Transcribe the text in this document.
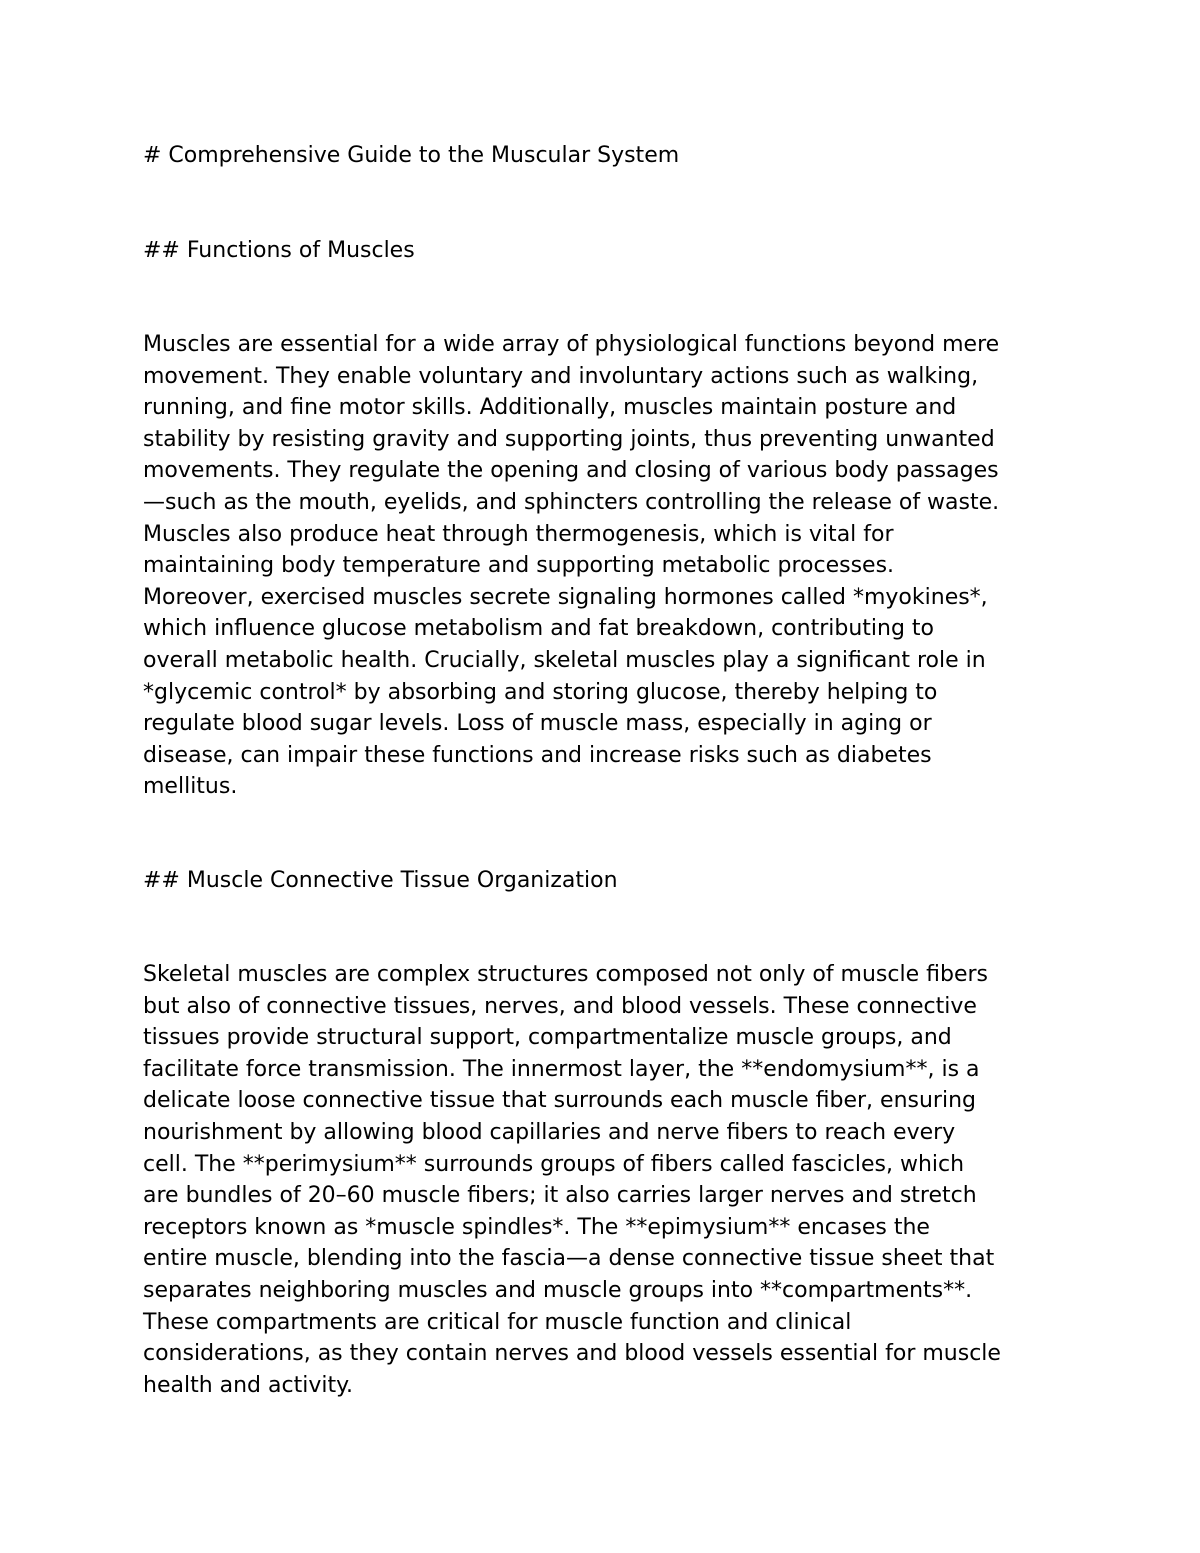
# Comprehensive Guide to the Muscular System
## Functions of Muscles

Muscles are essential for a wide array of physiological functions beyond mere

movement. They enable voluntary and involuntary actions such as walking,

running, and fine motor skills. Additionally, muscles maintain posture and

stability by resisting gravity and supporting joints, thus preventing unwanted

movements. They regulate the opening and closing of various body passages

—such as the mouth, eyelids, and sphincters controlling the release of waste.

Muscles also produce heat through thermogenesis, which is vital for

maintaining body temperature and supporting metabolic processes.

Moreover, exercised muscles secrete signaling hormones called *myokines*,

which influence glucose metabolism and fat breakdown, contributing to

overall metabolic health. Crucially, skeletal muscles play a significant role in

*glycemic control* by absorbing and storing glucose, thereby helping to

regulate blood sugar levels. Loss of muscle mass, especially in aging or

disease, can impair these functions and increase risks such as diabetes

mellitus.

## Muscle Connective Tissue Organization

Skeletal muscles are complex structures composed not only of muscle fibers

but also of connective tissues, nerves, and blood vessels. These connective

tissues provide structural support, compartmentalize muscle groups, and

facilitate force transmission. The innermost layer, the **endomysium**, is a

delicate loose connective tissue that surrounds each muscle fiber, ensuring

nourishment by allowing blood capillaries and nerve fibers to reach every

cell. The **perimysium** surrounds groups of fibers called fascicles, which

are bundles of 20–60 muscle fibers; it also carries larger nerves and stretch

receptors known as *muscle spindles*. The **epimysium** encases the

entire muscle, blending into the fascia—a dense connective tissue sheet that

separates neighboring muscles and muscle groups into **compartments**.

These compartments are critical for muscle function and clinical

considerations, as they contain nerves and blood vessels essential for muscle

health and activity.
